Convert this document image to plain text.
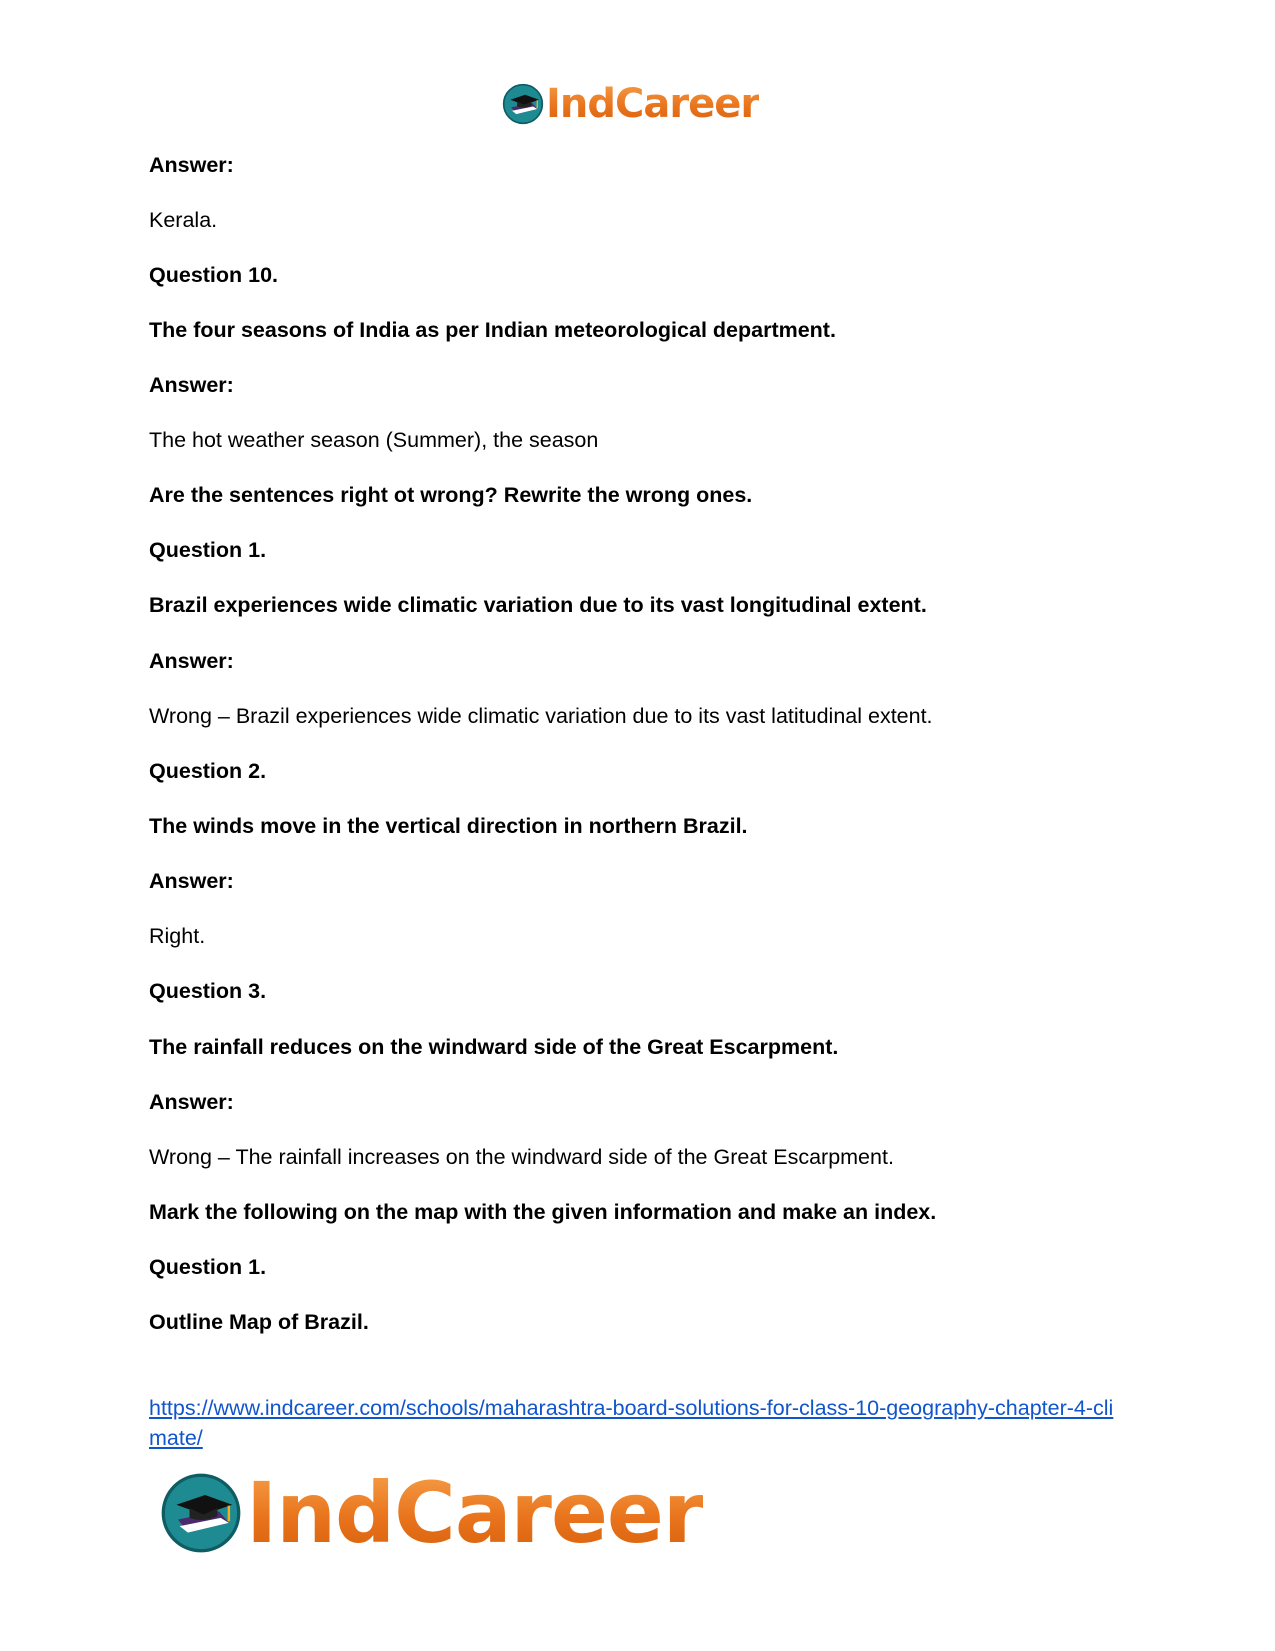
IndCareer
Answer:
Kerala.
Question 10.
The four seasons of India as per Indian meteorological department.
Answer:
The hot weather season (Summer), the season
Are the sentences right ot wrong? Rewrite the wrong ones.
Question 1.
Brazil experiences wide climatic variation due to its vast longitudinal extent.
Answer:
Wrong – Brazil experiences wide climatic variation due to its vast latitudinal extent.
Question 2.
The winds move in the vertical direction in northern Brazil.
Answer:
Right.
Question 3.
The rainfall reduces on the windward side of the Great Escarpment.
Answer:
Wrong – The rainfall increases on the windward side of the Great Escarpment.
Mark the following on the map with the given information and make an index.
Question 1.
Outline Map of Brazil.
https://www.indcareer.com/schools/maharashtra-board-solutions-for-class-10-geography-chapter-4-climate/
IndCareer
